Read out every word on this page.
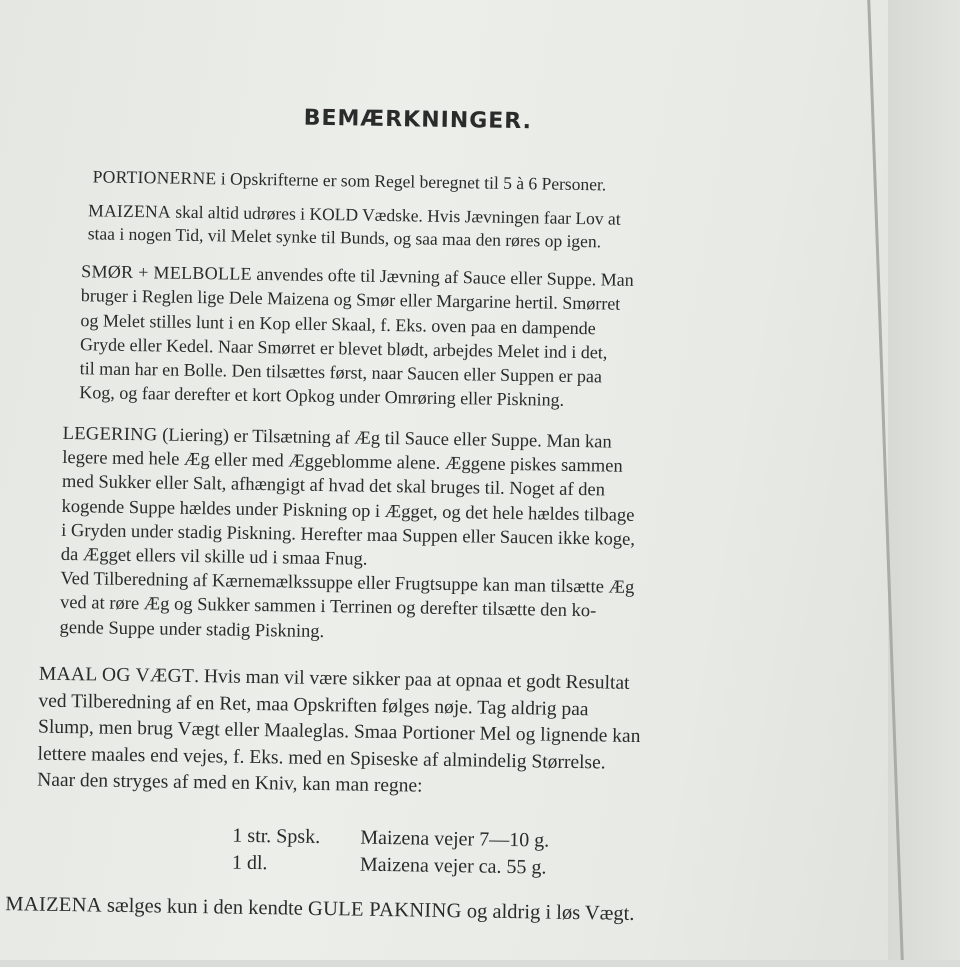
BEMÆRKNINGER.
PORTIONERNE i Opskrifterne er som Regel beregnet til 5 à 6 Personer.
MAIZENA skal altid udrøres i KOLD Vædske. Hvis Jævningen faar Lov at
staa i nogen Tid, vil Melet synke til Bunds, og saa maa den røres op igen.
SMØR + MELBOLLE anvendes ofte til Jævning af Sauce eller Suppe. Man
bruger i Reglen lige Dele Maizena og Smør eller Margarine hertil. Smørret
og Melet stilles lunt i en Kop eller Skaal, f. Eks. oven paa en dampende
Gryde eller Kedel. Naar Smørret er blevet blødt, arbejdes Melet ind i det,
til man har en Bolle. Den tilsættes først, naar Saucen eller Suppen er paa
Kog, og faar derefter et kort Opkog under Omrøring eller Piskning.
LEGERING (Liering) er Tilsætning af Æg til Sauce eller Suppe. Man kan
legere med hele Æg eller med Æggeblomme alene. Æggene piskes sammen
med Sukker eller Salt, afhængigt af hvad det skal bruges til. Noget af den
kogende Suppe hældes under Piskning op i Ægget, og det hele hældes tilbage
i Gryden under stadig Piskning. Herefter maa Suppen eller Saucen ikke koge,
da Ægget ellers vil skille ud i smaa Fnug.
Ved Tilberedning af Kærnemælkssuppe eller Frugtsuppe kan man tilsætte Æg
ved at røre Æg og Sukker sammen i Terrinen og derefter tilsætte den ko-
gende Suppe under stadig Piskning.
MAAL OG VÆGT. Hvis man vil være sikker paa at opnaa et godt Resultat
ved Tilberedning af en Ret, maa Opskriften følges nøje. Tag aldrig paa
Slump, men brug Vægt eller Maaleglas. Smaa Portioner Mel og lignende kan
lettere maales end vejes, f. Eks. med en Spiseske af almindelig Størrelse.
Naar den stryges af med en Kniv, kan man regne:
1 str. Spsk. Maizena vejer 7—10 g.
1 dl.	Maizena vejer ca. 55 g.
MAIZENA sælges kun i den kendte GULE PAKNING og aldrig i løs Vægt.
